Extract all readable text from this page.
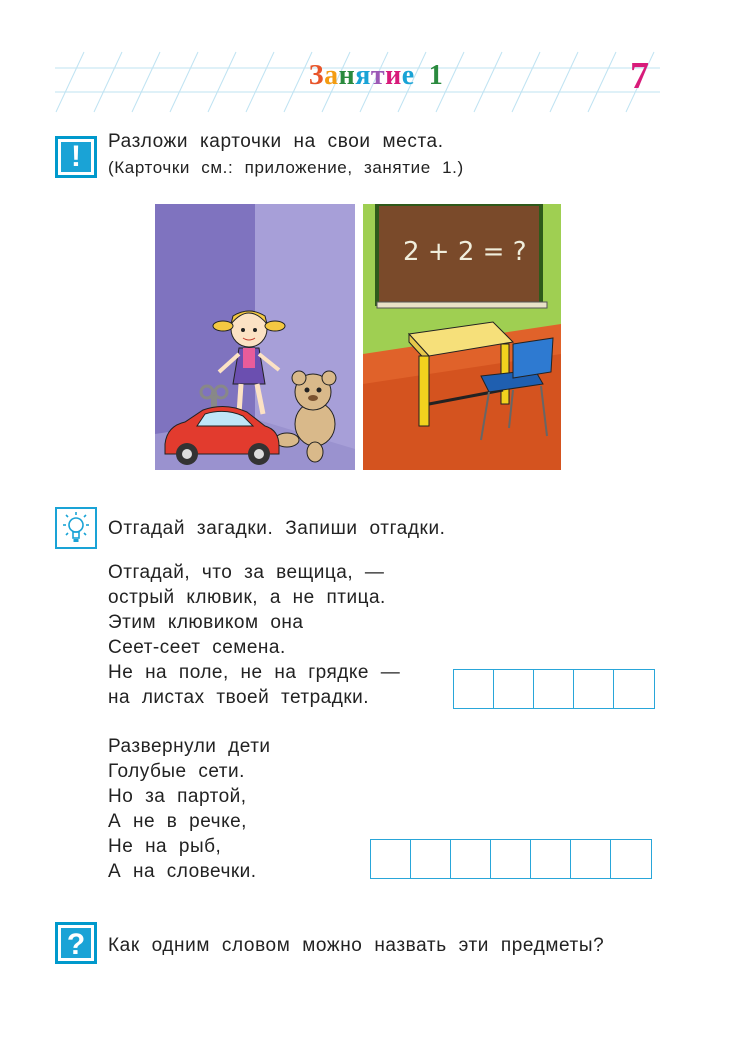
Занятие 1	7
!	Разложи карточки на свои места.
(Карточки см.: приложение, занятие 1.)
2 + 2 = ?
Отгадай загадки. Запиши отгадки.
Отгадай, что за вещица, —
острый клювик, а не птица.
Этим клювиком она
Сеет-сеет семена.
Не на поле, не на грядке —
на листах твоей тетрадки.
Развернули дети
Голубые сети.
Но за партой,
А не в речке,
Не на рыб,
А на словечки.
?	Как одним словом можно назвать эти предметы?
